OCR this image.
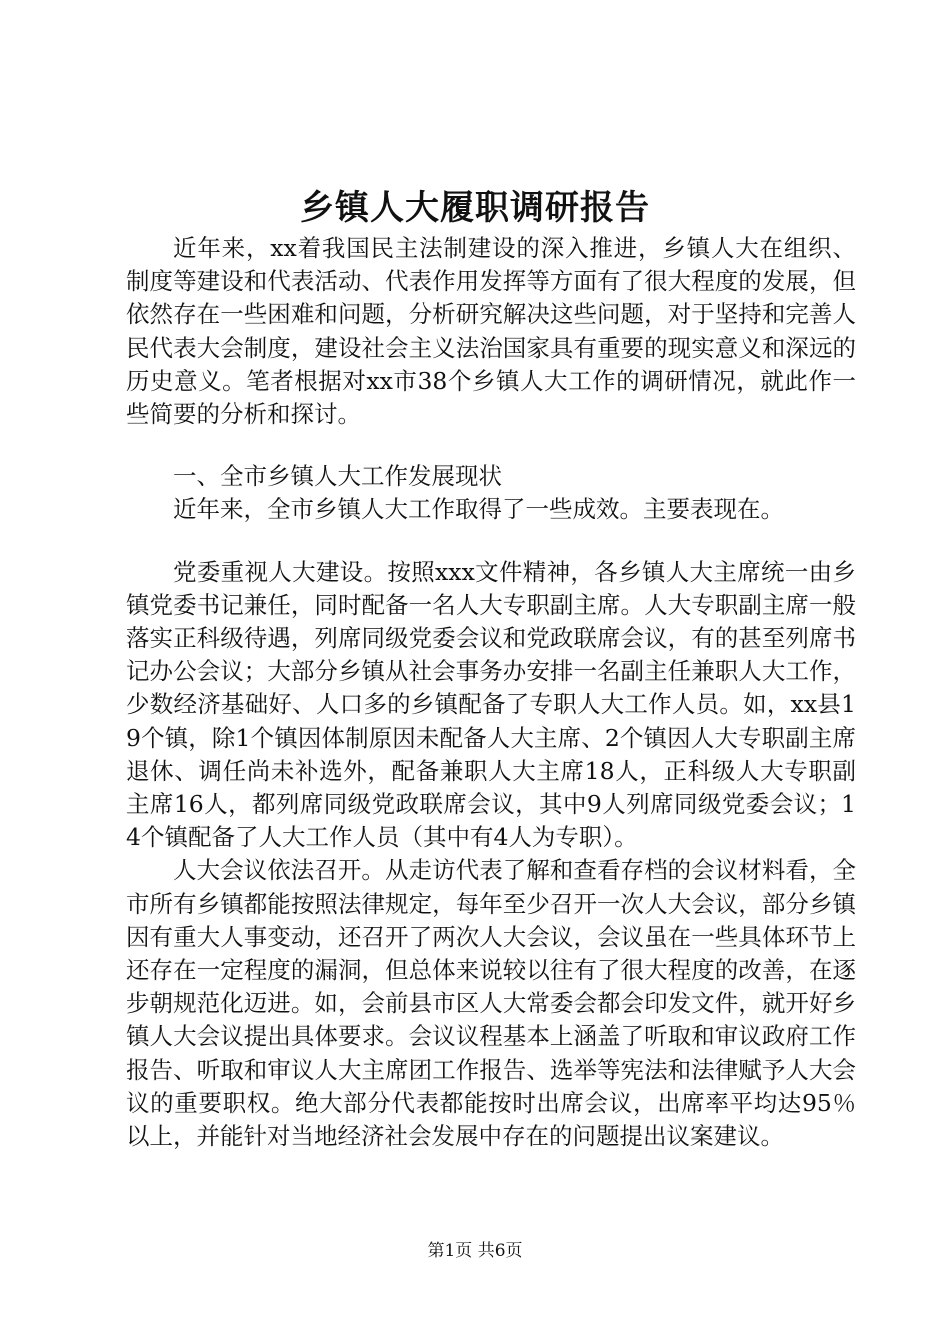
乡镇人大履职调研报告

近年来，xx着我国民主法制建设的深入推进，乡镇人大在组织、制度等建设和代表活动、代表作用发挥等方面有了很大程度的发展，但依然存在一些困难和问题，分析研究解决这些问题，对于坚持和完善人民代表大会制度，建设社会主义法治国家具有重要的现实意义和深远的历史意义。笔者根据对xx市38个乡镇人大工作的调研情况，就此作一些简要的分析和探讨。

一、全市乡镇人大工作发展现状

近年来，全市乡镇人大工作取得了一些成效。主要表现在。

党委重视人大建设。按照xxx文件精神，各乡镇人大主席统一由乡镇党委书记兼任，同时配备一名人大专职副主席。人大专职副主席一般落实正科级待遇，列席同级党委会议和党政联席会议，有的甚至列席书记办公会议；大部分乡镇从社会事务办安排一名副主任兼职人大工作，少数经济基础好、人口多的乡镇配备了专职人大工作人员。如，xx县19个镇，除1个镇因体制原因未配备人大主席、2个镇因人大专职副主席退休、调任尚未补选外，配备兼职人大主席18人，正科级人大专职副主席16人，都列席同级党政联席会议，其中9人列席同级党委会议；14个镇配备了人大工作人员（其中有4人为专职）。

人大会议依法召开。从走访代表了解和查看存档的会议材料看，全市所有乡镇都能按照法律规定，每年至少召开一次人大会议，部分乡镇因有重大人事变动，还召开了两次人大会议，会议虽在一些具体环节上还存在一定程度的漏洞，但总体来说较以往有了很大程度的改善，在逐步朝规范化迈进。如，会前县市区人大常委会都会印发文件，就开好乡镇人大会议提出具体要求。会议议程基本上涵盖了听取和审议政府工作报告、听取和审议人大主席团工作报告、选举等宪法和法律赋予人大会议的重要职权。绝大部分代表都能按时出席会议，出席率平均达95％以上，并能针对当地经济社会发展中存在的问题提出议案建议。

第1页 共6页
